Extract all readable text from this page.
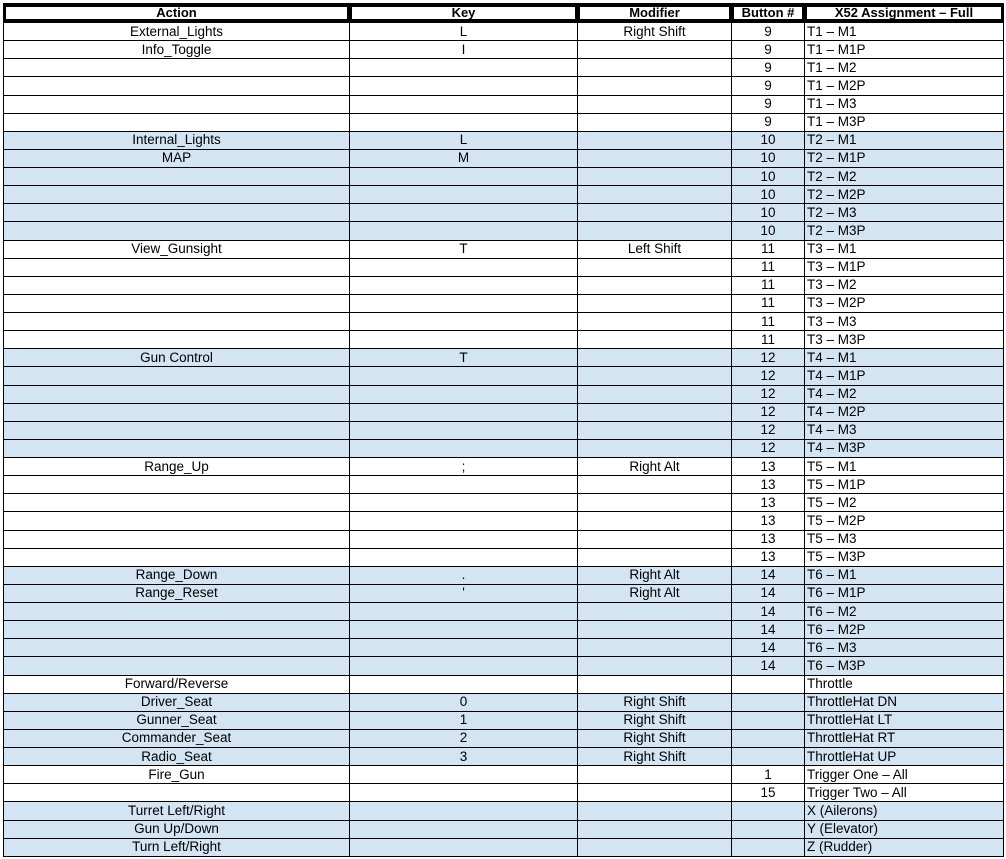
Action	Key	Modifier	Button #	X52 Assignment – Full

External_Lights	L	Right Shift	9	T1 – M1
Info_Toggle	I		9	T1 – M1P
			9	T1 – M2
			9	T1 – M2P
			9	T1 – M3
			9	T1 – M3P
Internal_Lights	L		10	T2 – M1
MAP	M		10	T2 – M1P
			10	T2 – M2
			10	T2 – M2P
			10	T2 – M3
			10	T2 – M3P
View_Gunsight	T	Left Shift	11	T3 – M1
			11	T3 – M1P
			11	T3 – M2
			11	T3 – M2P
			11	T3 – M3
			11	T3 – M3P
Gun Control	T		12	T4 – M1
			12	T4 – M1P
			12	T4 – M2
			12	T4 – M2P
			12	T4 – M3
			12	T4 – M3P
Range_Up	;	Right Alt	13	T5 – M1
			13	T5 – M1P
			13	T5 – M2
			13	T5 – M2P
			13	T5 – M3
			13	T5 – M3P
Range_Down	.	Right Alt	14	T6 – M1
Range_Reset	'	Right Alt	14	T6 – M1P
			14	T6 – M2
			14	T6 – M2P
			14	T6 – M3
			14	T6 – M3P
Forward/Reverse				Throttle
Driver_Seat	0	Right Shift		ThrottleHat DN
Gunner_Seat	1	Right Shift		ThrottleHat LT
Commander_Seat	2	Right Shift		ThrottleHat RT
Radio_Seat	3	Right Shift		ThrottleHat UP
Fire_Gun			1	Trigger One – All
			15	Trigger Two – All
Turret Left/Right				X (Ailerons)
Gun Up/Down				Y (Elevator)
Turn Left/Right				Z (Rudder)
